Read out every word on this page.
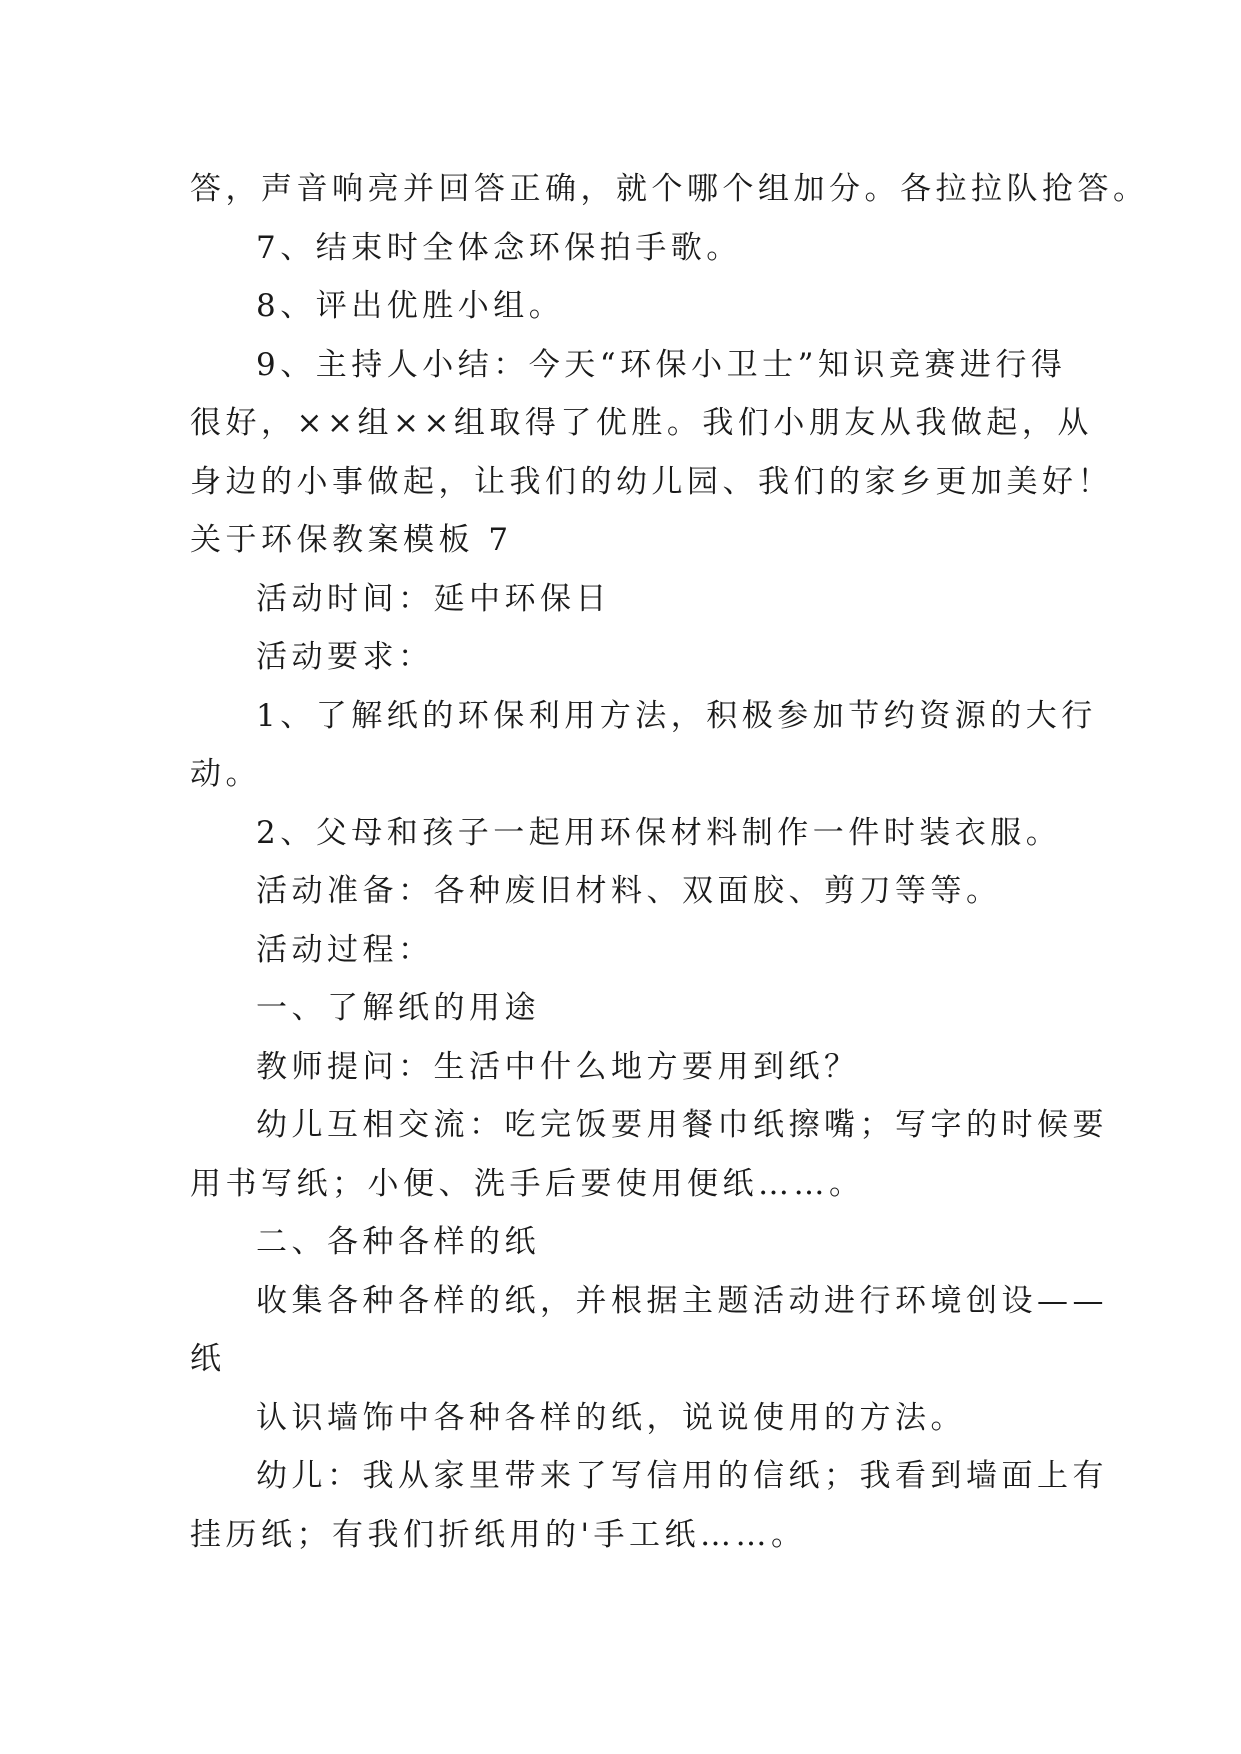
答，声音响亮并回答正确，就个哪个组加分。各拉拉队抢答。
7、结束时全体念环保拍手歌。
8、评出优胜小组。
9、主持人小结：今天“环保小卫士”知识竞赛进行得
很好，××组××组取得了优胜。我们小朋友从我做起，从
身边的小事做起，让我们的幼儿园、我们的家乡更加美好！
关于环保教案模板 7
活动时间：延中环保日
活动要求：
1、了解纸的环保利用方法，积极参加节约资源的大行
动。
2、父母和孩子一起用环保材料制作一件时装衣服。
活动准备：各种废旧材料、双面胶、剪刀等等。
活动过程：
一、了解纸的用途
教师提问：生活中什么地方要用到纸？
幼儿互相交流：吃完饭要用餐巾纸擦嘴；写字的时候要
用书写纸；小便、洗手后要使用便纸……。
二、各种各样的纸
收集各种各样的纸，并根据主题活动进行环境创设——
纸
认识墙饰中各种各样的纸，说说使用的方法。
幼儿：我从家里带来了写信用的信纸；我看到墙面上有
挂历纸；有我们折纸用的'手工纸……。
